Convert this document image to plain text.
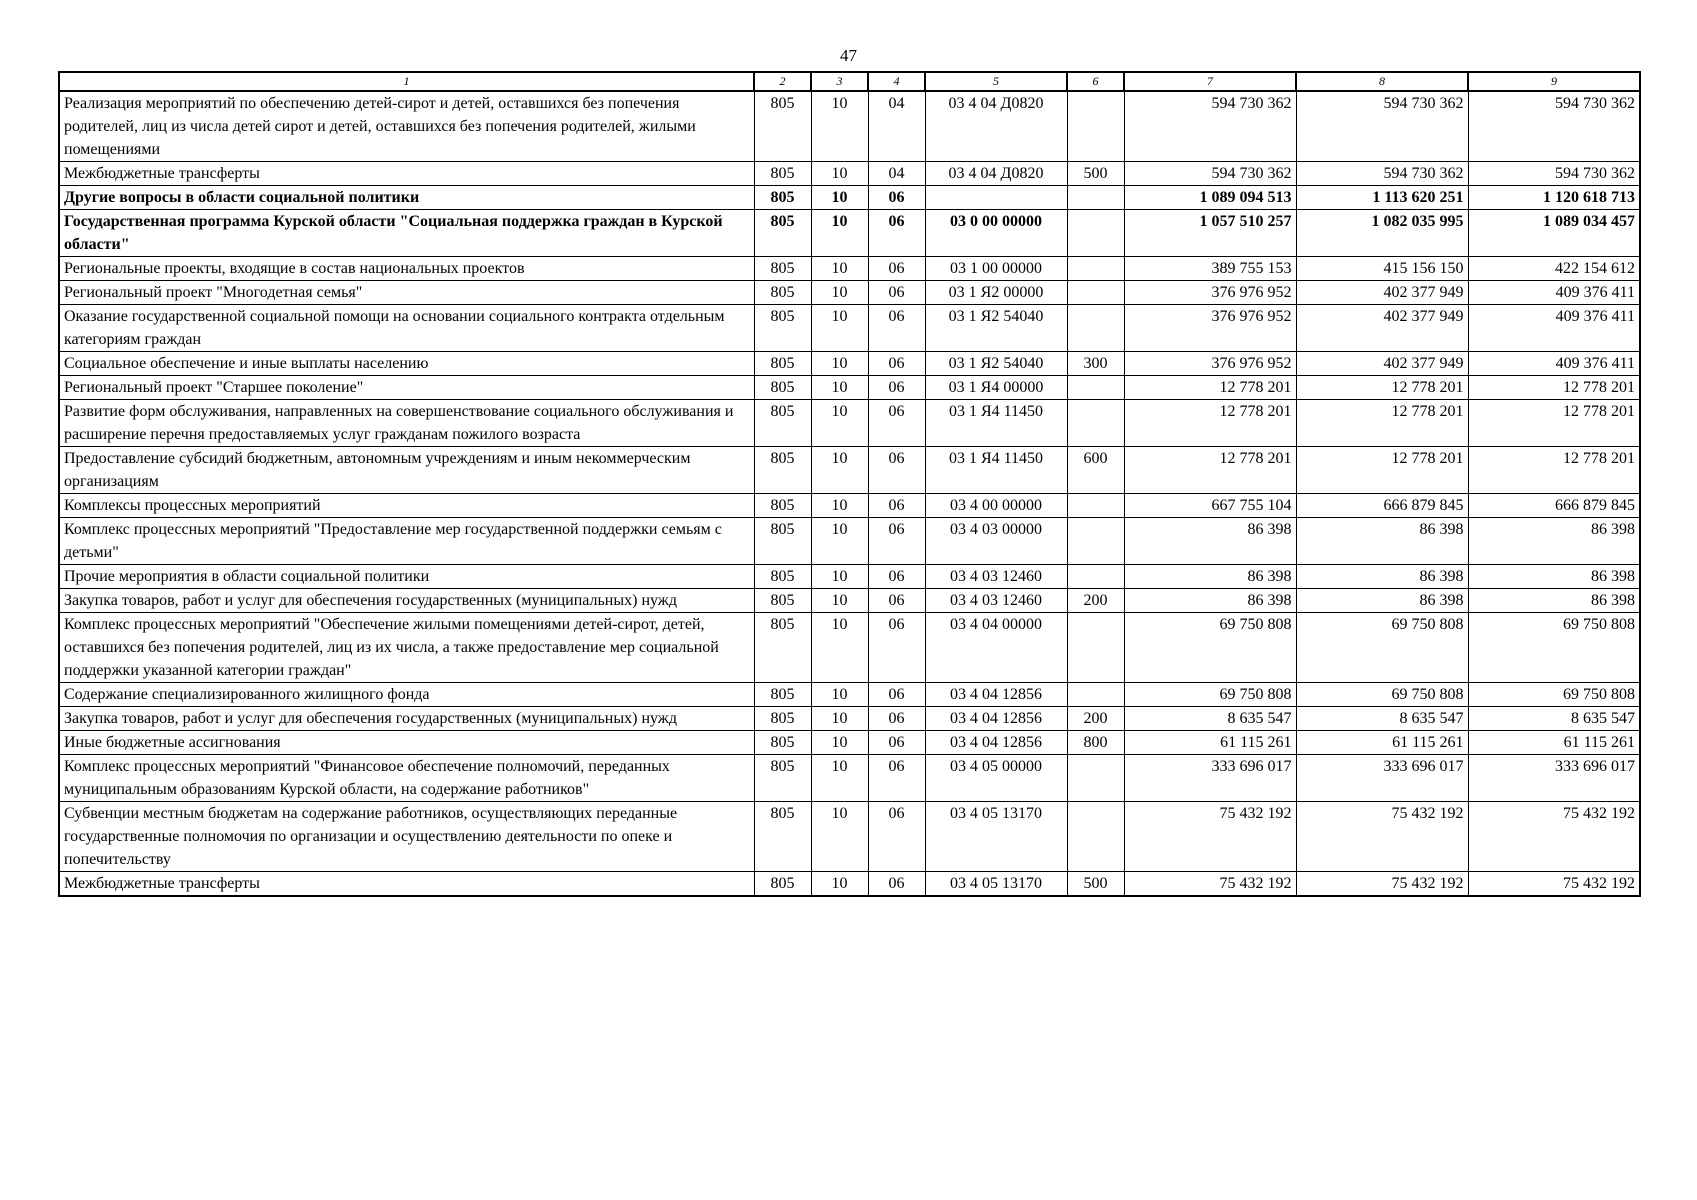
47
1	2	3	4	5	6	7	8	9
Реализация мероприятий по обеспечению детей-сирот и детей, оставшихся без попечения родителей, лиц из числа детей сирот и детей, оставшихся без попечения родителей, жилыми помещениями	805	10	04	03 4 04 Д0820		594 730 362	594 730 362	594 730 362
Межбюджетные трансферты	805	10	04	03 4 04 Д0820	500	594 730 362	594 730 362	594 730 362
Другие вопросы в области социальной политики	805	10	06			1 089 094 513	1 113 620 251	1 120 618 713
Государственная программа Курской области "Социальная поддержка граждан в Курской области"	805	10	06	03 0 00 00000		1 057 510 257	1 082 035 995	1 089 034 457
Региональные проекты, входящие в состав национальных проектов	805	10	06	03 1 00 00000		389 755 153	415 156 150	422 154 612
Региональный проект "Многодетная семья"	805	10	06	03 1 Я2 00000		376 976 952	402 377 949	409 376 411
Оказание государственной социальной помощи на основании социального контракта отдельным категориям граждан	805	10	06	03 1 Я2 54040		376 976 952	402 377 949	409 376 411
Социальное обеспечение и иные выплаты населению	805	10	06	03 1 Я2 54040	300	376 976 952	402 377 949	409 376 411
Региональный проект "Старшее поколение"	805	10	06	03 1 Я4 00000		12 778 201	12 778 201	12 778 201
Развитие форм обслуживания, направленных на совершенствование социального обслуживания и расширение перечня предоставляемых услуг гражданам пожилого возраста	805	10	06	03 1 Я4 11450		12 778 201	12 778 201	12 778 201
Предоставление субсидий бюджетным, автономным учреждениям и иным некоммерческим организациям	805	10	06	03 1 Я4 11450	600	12 778 201	12 778 201	12 778 201
Комплексы процессных мероприятий	805	10	06	03 4 00 00000		667 755 104	666 879 845	666 879 845
Комплекс процессных мероприятий "Предоставление мер государственной поддержки семьям с детьми"	805	10	06	03 4 03 00000		86 398	86 398	86 398
Прочие мероприятия в области социальной политики	805	10	06	03 4 03 12460		86 398	86 398	86 398
Закупка товаров, работ и услуг для обеспечения государственных (муниципальных) нужд	805	10	06	03 4 03 12460	200	86 398	86 398	86 398
Комплекс процессных мероприятий "Обеспечение жилыми помещениями детей-сирот, детей, оставшихся без попечения родителей, лиц из их числа, а также предоставление мер социальной поддержки указанной категории граждан"	805	10	06	03 4 04 00000		69 750 808	69 750 808	69 750 808
Содержание специализированного жилищного фонда	805	10	06	03 4 04 12856		69 750 808	69 750 808	69 750 808
Закупка товаров, работ и услуг для обеспечения государственных (муниципальных) нужд	805	10	06	03 4 04 12856	200	8 635 547	8 635 547	8 635 547
Иные бюджетные ассигнования	805	10	06	03 4 04 12856	800	61 115 261	61 115 261	61 115 261
Комплекс процессных мероприятий "Финансовое обеспечение полномочий, переданных муниципальным образованиям Курской области, на содержание работников"	805	10	06	03 4 05 00000		333 696 017	333 696 017	333 696 017
Субвенции местным бюджетам на содержание работников, осуществляющих переданные государственные полномочия по организации и осуществлению деятельности по опеке и попечительству	805	10	06	03 4 05 13170		75 432 192	75 432 192	75 432 192
Межбюджетные трансферты	805	10	06	03 4 05 13170	500	75 432 192	75 432 192	75 432 192
